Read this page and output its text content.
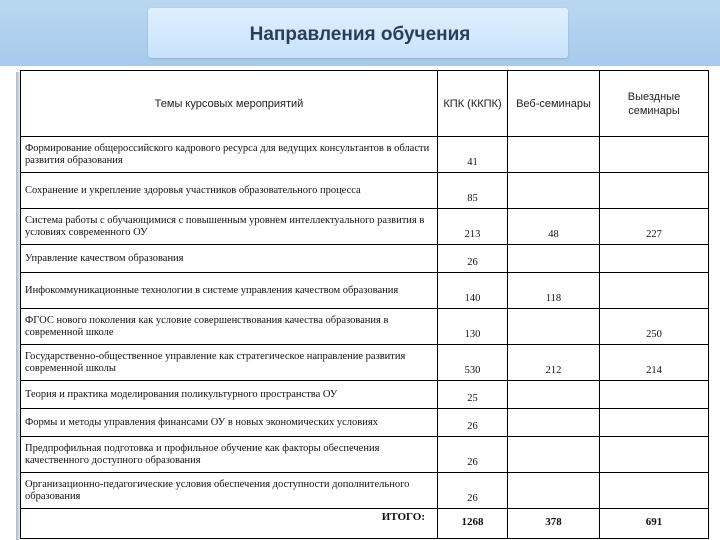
Направления обучения
Темы курсовых мероприятий	КПК (ККПК)	Веб-семинары	Выездные семинары
Формирование общероссийского кадрового ресурса для ведущих консультантов в области развития образования	41		
Сохранение и укрепление здоровья участников образовательного процесса	85		
Система работы с обучающимися с повышенным уровнем интеллектуального развития в условиях современного ОУ	213	48	227
Управление качеством образования	26		
Инфокоммуникационные технологии в системе управления качеством образования	140	118	
ФГОС нового поколения как условие совершенствования качества образования в современной школе	130		250
Государственно-общественное управление как стратегическое направление развития современной школы	530	212	214
Теория и практика моделирования поликультурного пространства ОУ	25		
Формы и методы управления финансами ОУ в новых экономических условиях	26		
Предпрофильная подготовка и профильное обучение как факторы обеспечения качественного доступного образования	26		
Организационно-педагогические условия обеспечения доступности дополнительного образования	26		
ИТОГО:	1268	378	691
